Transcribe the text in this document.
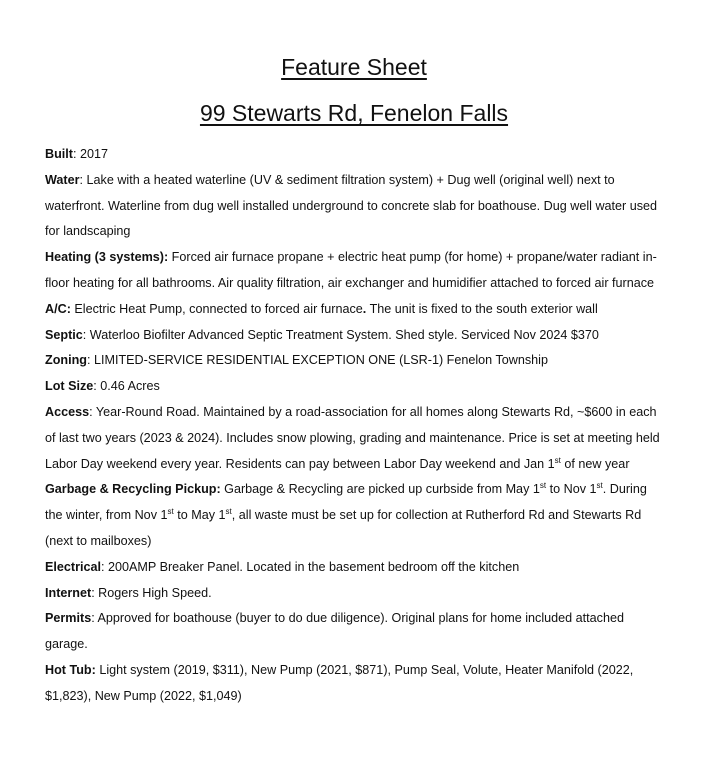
Feature Sheet
99 Stewarts Rd, Fenelon Falls

Built: 2017

Water: Lake with a heated waterline (UV & sediment filtration system) + Dug well (original well) next to waterfront. Waterline from dug well installed underground to concrete slab for boathouse. Dug well water used for landscaping

Heating (3 systems): Forced air furnace propane + electric heat pump (for home) + propane/water radiant in-floor heating for all bathrooms. Air quality filtration, air exchanger and humidifier attached to forced air furnace

A/C: Electric Heat Pump, connected to forced air furnace. The unit is fixed to the south exterior wall

Septic: Waterloo Biofilter Advanced Septic Treatment System. Shed style. Serviced Nov 2024 $370

Zoning: LIMITED-SERVICE RESIDENTIAL EXCEPTION ONE (LSR-1) Fenelon Township

Lot Size: 0.46 Acres

Access: Year-Round Road. Maintained by a road-association for all homes along Stewarts Rd, ~$600 in each of last two years (2023 & 2024). Includes snow plowing, grading and maintenance. Price is set at meeting held Labor Day weekend every year. Residents can pay between Labor Day weekend and Jan 1st of new year

Garbage & Recycling Pickup: Garbage & Recycling are picked up curbside from May 1st to Nov 1st. During the winter, from Nov 1st to May 1st, all waste must be set up for collection at Rutherford Rd and Stewarts Rd (next to mailboxes)

Electrical: 200AMP Breaker Panel. Located in the basement bedroom off the kitchen

Internet: Rogers High Speed.

Permits: Approved for boathouse (buyer to do due diligence). Original plans for home included attached garage.

Hot Tub: Light system (2019, $311), New Pump (2021, $871), Pump Seal, Volute, Heater Manifold (2022, $1,823), New Pump (2022, $1,049)
